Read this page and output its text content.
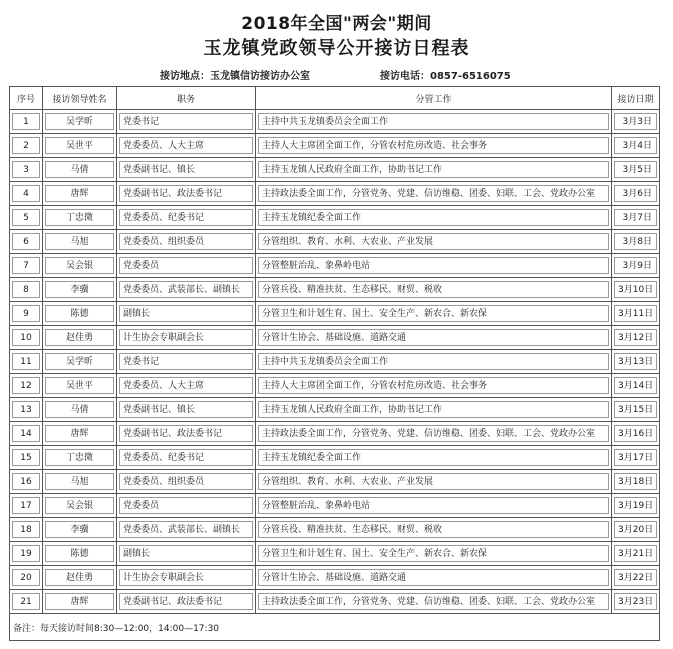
2018年全国"两会"期间
玉龙镇党政领导公开接访日程表
接访地点：玉龙镇信访接访办公室	接访电话：0857-6516075
序号	接访领导姓名	职务	分管工作	接访日期

1	吴学昕	党委书记	主持中共玉龙镇委员会全面工作	3月3日

2	吴世平	党委委员、人大主席	主持人大主席团全面工作，分管农村危房改造、社会事务	3月4日

3	马倩	党委副书记、镇长	主持玉龙镇人民政府全面工作，协助书记工作	3月5日

4	唐辉	党委副书记、政法委书记	主持政法委全面工作，分管党务、党建、信访维稳、团委、妇联、工会、党政办公室	3月6日

5	丁忠微	党委委员、纪委书记	主持玉龙镇纪委全面工作	3月7日

6	马旭	党委委员、组织委员	分管组织、教育、水利、大农业、产业发展	3月8日

7	吴会银	党委委员	分管整脏治乱、象鼻岭电站	3月9日

8	李骥	党委委员、武装部长、副镇长	分管兵役、精准扶贫、生态移民、财贸、税收	3月10日

9	陈德	副镇长	分管卫生和计划生育、国土、安全生产、新农合、新农保	3月11日

10	赵佳勇	计生协会专职副会长	分管计生协会、基础设施、道路交通	3月12日

11	吴学昕	党委书记	主持中共玉龙镇委员会全面工作	3月13日

12	吴世平	党委委员、人大主席	主持人大主席团全面工作，分管农村危房改造、社会事务	3月14日

13	马倩	党委副书记、镇长	主持玉龙镇人民政府全面工作，协助书记工作	3月15日

14	唐辉	党委副书记、政法委书记	主持政法委全面工作，分管党务、党建、信访维稳、团委、妇联、工会、党政办公室	3月16日

15	丁忠微	党委委员、纪委书记	主持玉龙镇纪委全面工作	3月17日

16	马旭	党委委员、组织委员	分管组织、教育、水利、大农业、产业发展	3月18日

17	吴会银	党委委员	分管整脏治乱、象鼻岭电站	3月19日

18	李骥	党委委员、武装部长、副镇长	分管兵役、精准扶贫、生态移民、财贸、税收	3月20日

19	陈德	副镇长	分管卫生和计划生育、国土、安全生产、新农合、新农保	3月21日

20	赵佳勇	计生协会专职副会长	分管计生协会、基础设施、道路交通	3月22日

21	唐辉	党委副书记、政法委书记	主持政法委全面工作，分管党务、党建、信访维稳、团委、妇联、工会、党政办公室	3月23日

备注：每天接访时间8:30—12:00，14:00—17:30				
